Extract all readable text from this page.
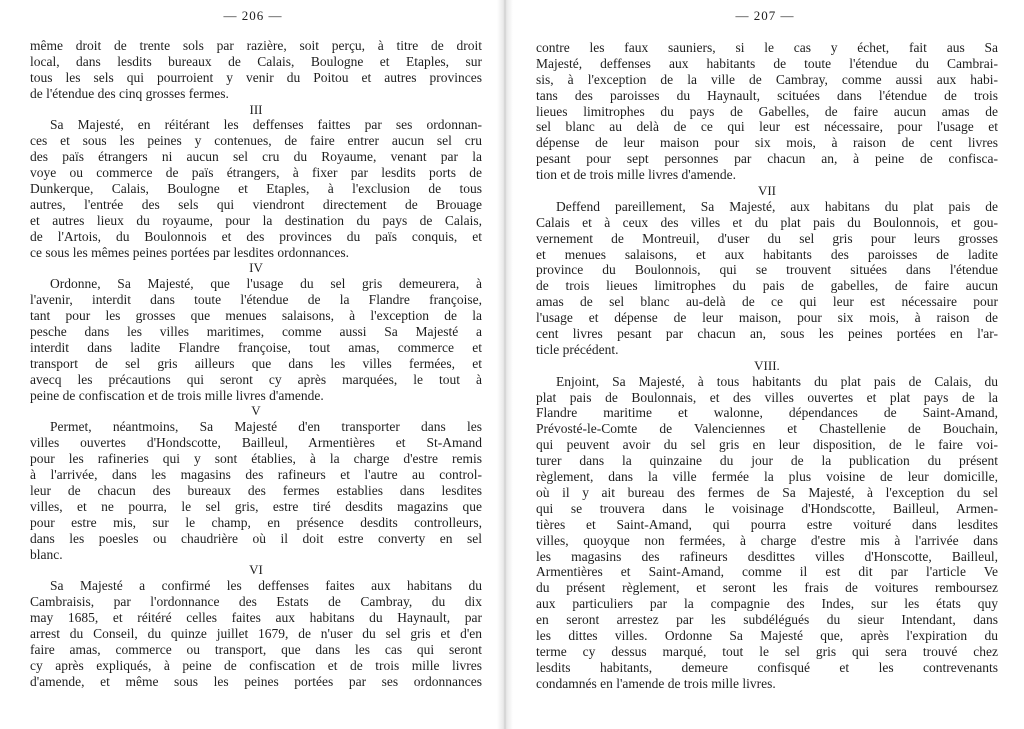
— 206 —
même droit de trente sols par razière, soit perçu, à titre de droit
local, dans lesdits bureaux de Calais, Boulogne et Etaples, sur
tous les sels qui pourroient y venir du Poitou et autres provinces
de l'étendue des cinq grosses fermes.
III
Sa Majesté, en réitérant les deffenses faittes par ses ordonnan-
ces et sous les peines y contenues, de faire entrer aucun sel cru
des païs étrangers ni aucun sel cru du Royaume, venant par la
voye ou commerce de païs étrangers, à fixer par lesdits ports de
Dunkerque, Calais, Boulogne et Etaples, à l'exclusion de tous
autres, l'entrée des sels qui viendront directement de Brouage
et autres lieux du royaume, pour la destination du pays de Calais,
de l'Artois, du Boulonnois et des provinces du païs conquis, et
ce sous les mêmes peines portées par lesdites ordonnances.
IV
Ordonne, Sa Majesté, que l'usage du sel gris demeurera, à
l'avenir, interdit dans toute l'étendue de la Flandre françoise,
tant pour les grosses que menues salaisons, à l'exception de la
pesche dans les villes maritimes, comme aussi Sa Majesté a
interdit dans ladite Flandre françoise, tout amas, commerce et
transport de sel gris ailleurs que dans les villes fermées, et
avecq les précautions qui seront cy après marquées, le tout à
peine de confiscation et de trois mille livres d'amende.
V
Permet, néantmoins, Sa Majesté d'en transporter dans les
villes ouvertes d'Hondscotte, Bailleul, Armentières et St-Amand
pour les rafineries qui y sont établies, à la charge d'estre remis
à l'arrivée, dans les magasins des rafineurs et l'autre au control-
leur de chacun des bureaux des fermes establies dans lesdites
villes, et ne pourra, le sel gris, estre tiré desdits magazins que
pour estre mis, sur le champ, en présence desdits controlleurs,
dans les poesles ou chaudrière où il doit estre converty en sel
blanc.
VI
Sa Majesté a confirmé les deffenses faites aux habitans du
Cambraisis, par l'ordonnance des Estats de Cambray, du dix
may 1685, et réitéré celles faites aux habitans du Haynault, par
arrest du Conseil, du quinze juillet 1679, de n'user du sel gris et d'en
faire amas, commerce ou transport, que dans les cas qui seront
cy après expliqués, à peine de confiscation et de trois mille livres
d'amende, et même sous les peines portées par ses ordonnances
— 207 —
contre les faux sauniers, si le cas y échet, fait aus Sa
Majesté, deffenses aux habitants de toute l'étendue du Cambrai-
sis, à l'exception de la ville de Cambray, comme aussi aux habi-
tans des paroisses du Haynault, scituées dans l'étendue de trois
lieues limitrophes du pays de Gabelles, de faire aucun amas de
sel blanc au delà de ce qui leur est nécessaire, pour l'usage et
dépense de leur maison pour six mois, à raison de cent livres
pesant pour sept personnes par chacun an, à peine de confisca-
tion et de trois mille livres d'amende.
VII
Deffend pareillement, Sa Majesté, aux habitans du plat pais de
Calais et à ceux des villes et du plat pais du Boulonnois, et gou-
vernement de Montreuil, d'user du sel gris pour leurs grosses
et menues salaisons, et aux habitants des paroisses de ladite
province du Boulonnois, qui se trouvent situées dans l'étendue
de trois lieues limitrophes du pais de gabelles, de faire aucun
amas de sel blanc au-delà de ce qui leur est nécessaire pour
l'usage et dépense de leur maison, pour six mois, à raison de
cent livres pesant par chacun an, sous les peines portées en l'ar-
ticle précédent.
VIII.
Enjoint, Sa Majesté, à tous habitants du plat pais de Calais, du
plat pais de Boulonnais, et des villes ouvertes et plat pays de la
Flandre maritime et walonne, dépendances de Saint-Amand,
Prévosté-le-Comte de Valenciennes et Chastellenie de Bouchain,
qui peuvent avoir du sel gris en leur disposition, de le faire voi-
turer dans la quinzaine du jour de la publication du présent
règlement, dans la ville fermée la plus voisine de leur domicille,
où il y ait bureau des fermes de Sa Majesté, à l'exception du sel
qui se trouvera dans le voisinage d'Hondscotte, Bailleul, Armen-
tières et Saint-Amand, qui pourra estre voituré dans lesdites
villes, quoyque non fermées, à charge d'estre mis à l'arrivée dans
les magasins des rafineurs desdittes villes d'Honscotte, Bailleul,
Armentières et Saint-Amand, comme il est dit par l'article Ve
du présent règlement, et seront les frais de voitures remboursez
aux particuliers par la compagnie des Indes, sur les états quy
en seront arrestez par les subdélégués du sieur Intendant, dans
les dittes villes. Ordonne Sa Majesté que, après l'expiration du
terme cy dessus marqué, tout le sel gris qui sera trouvé chez
lesdits habitants, demeure confisqué et les contrevenants
condamnés en l'amende de trois mille livres.
